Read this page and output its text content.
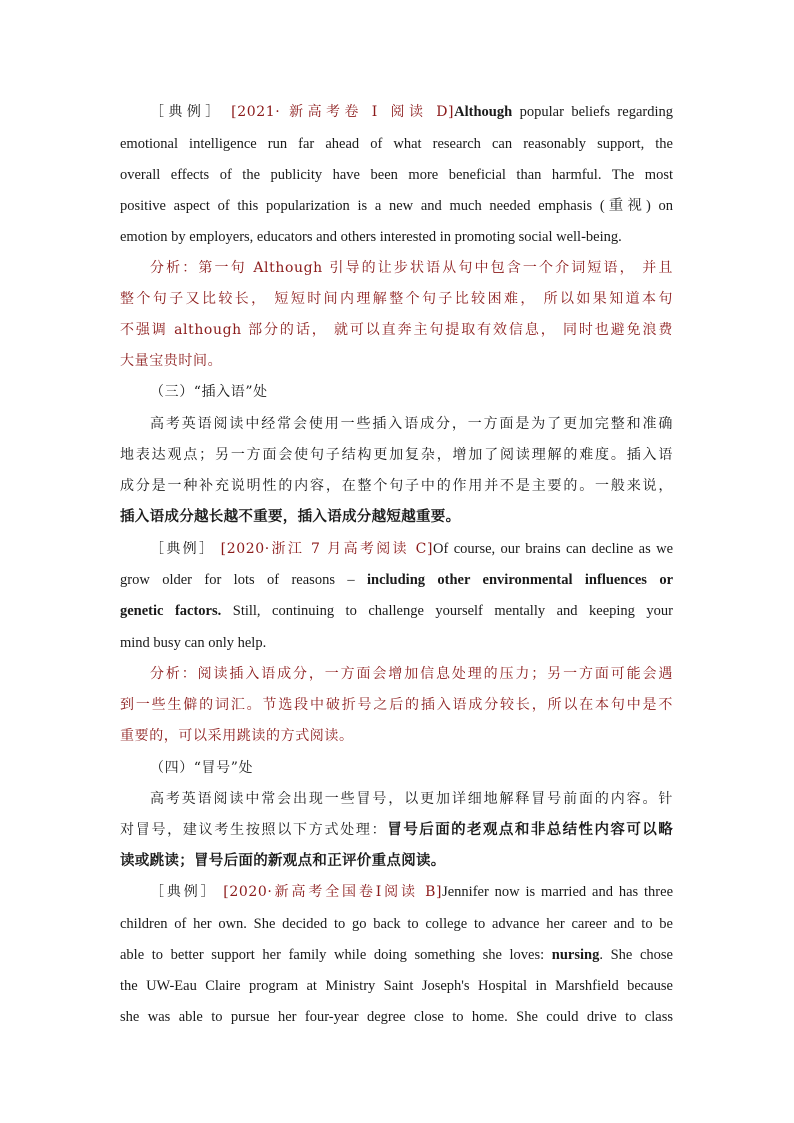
［典例］ [2021· 新高考卷 Ⅰ 阅读 D]Although popular beliefs regarding
emotional intelligence run far ahead of what research can reasonably support, the
overall effects of the publicity have been more beneficial than harmful. The most
positive aspect of this popularization is a new and much needed emphasis (重视) on
emotion by employers, educators and others interested in promoting social well-being.
分析：第一句 Although 引导的让步状语从句中包含一个介词短语， 并且
整个句子又比较长， 短短时间内理解整个句子比较困难， 所以如果知道本句
不强调 although 部分的话， 就可以直奔主句提取有效信息， 同时也避免浪费
大量宝贵时间。
（三）“插入语”处
高考英语阅读中经常会使用一些插入语成分，一方面是为了更加完整和准确
地表达观点；另一方面会使句子结构更加复杂，增加了阅读理解的难度。插入语
成分是一种补充说明性的内容，在整个句子中的作用并不是主要的。一般来说，
插入语成分越长越不重要，插入语成分越短越重要。
［典例］ [2020·浙江 7 月高考阅读 C]Of course, our brains can decline as we
grow older for lots of reasons – including other environmental influences or
genetic factors. Still, continuing to challenge yourself mentally and keeping your
mind busy can only help.
分析：阅读插入语成分，一方面会增加信息处理的压力；另一方面可能会遇
到一些生僻的词汇。节选段中破折号之后的插入语成分较长，所以在本句中是不
重要的，可以采用跳读的方式阅读。
（四）“冒号”处
高考英语阅读中常会出现一些冒号，以更加详细地解释冒号前面的内容。针
对冒号，建议考生按照以下方式处理：冒号后面的老观点和非总结性内容可以略
读或跳读；冒号后面的新观点和正评价重点阅读。
［典例］ [2020·新高考全国卷Ⅰ阅读 B]Jennifer now is married and has three
children of her own. She decided to go back to college to advance her career and to be
able to better support her family while doing something she loves: nursing. She chose
the UW-Eau Claire program at Ministry Saint Joseph's Hospital in Marshfield because
she was able to pursue her four-year degree close to home. She could drive to class
